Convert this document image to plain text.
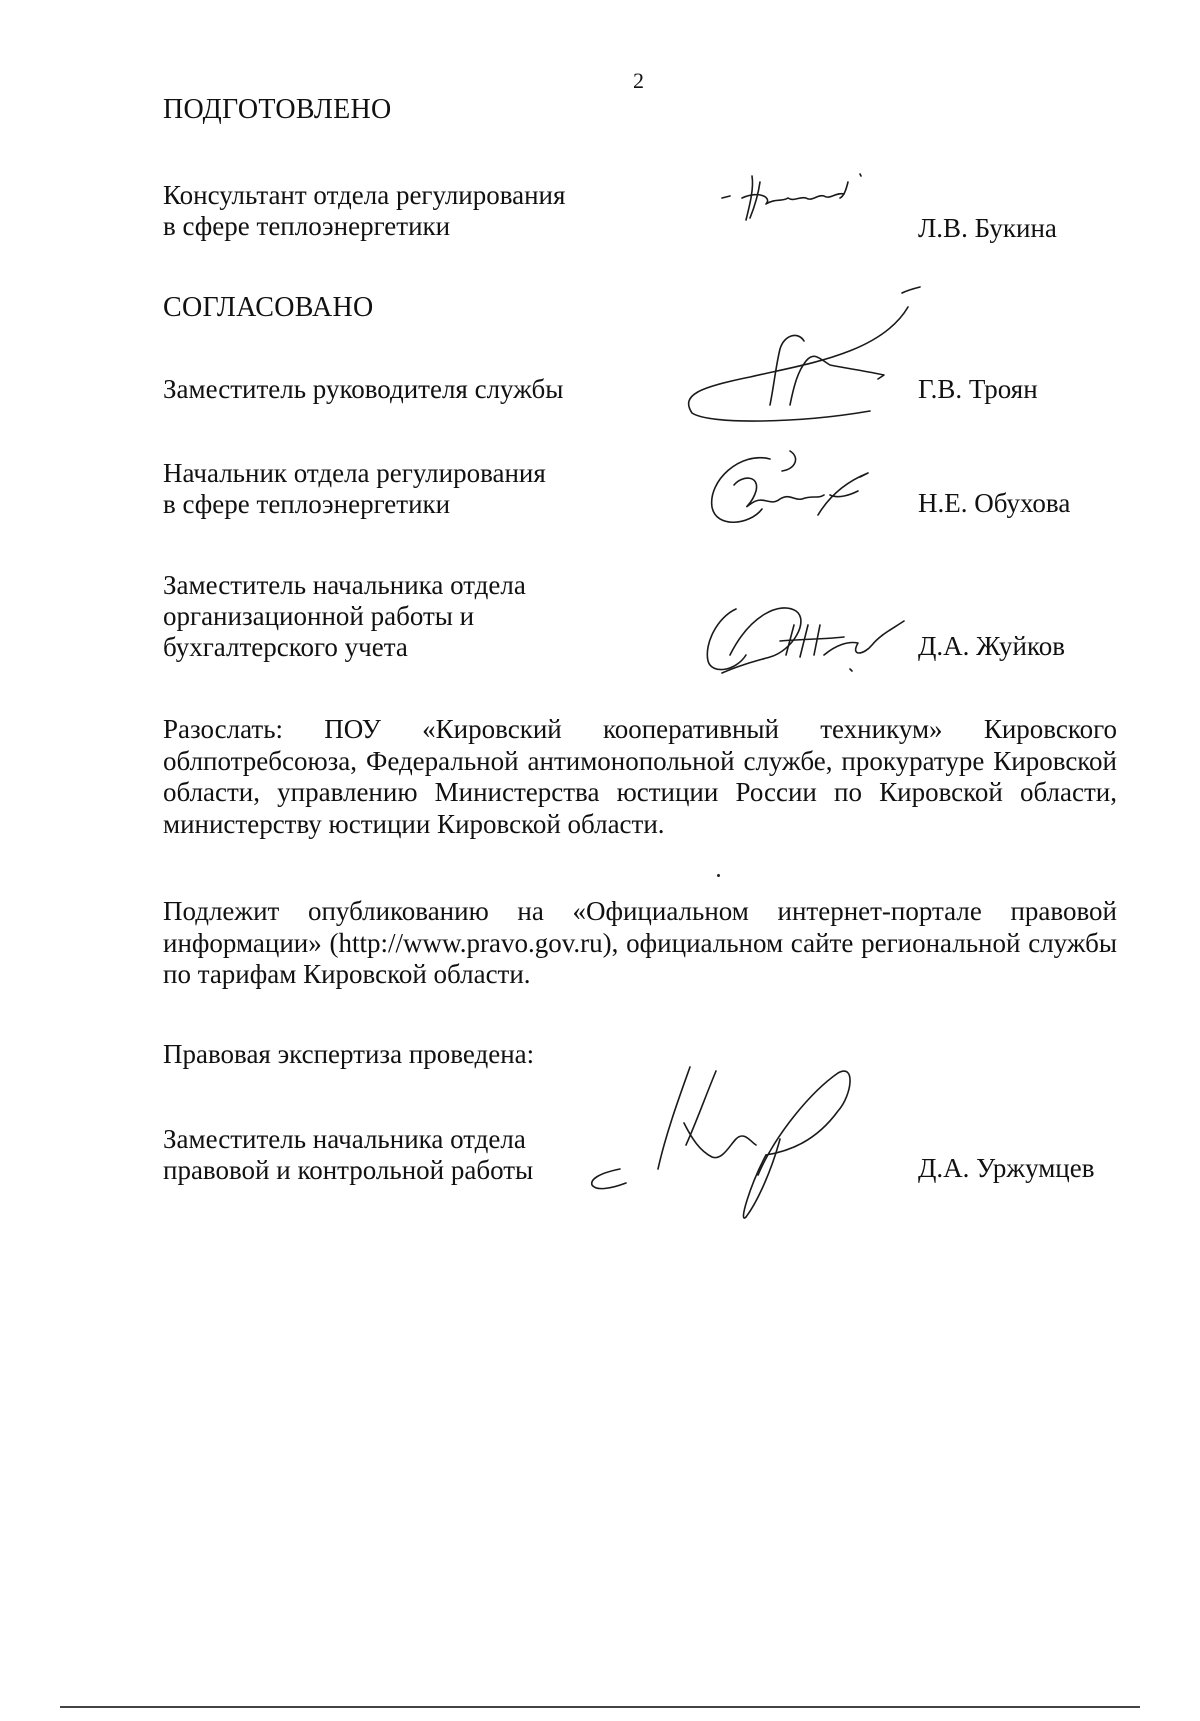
2
ПОДГОТОВЛЕНО
Консультант отдела регулирования
в сфере теплоэнергетики	Л.В. Букина
СОГЛАСОВАНО
Заместитель руководителя службы	Г.В. Троян
Начальник отдела регулирования
в сфере теплоэнергетики	Н.Е. Обухова
Заместитель начальника отдела
организационной работы и
бухгалтерского учета	Д.А. Жуйков
Разослать: ПОУ «Кировский кооперативный техникум» Кировского облпотребсоюза, Федеральной антимонопольной службе, прокуратуре Кировской области, управлению Министерства юстиции России по Кировской области, министерству юстиции Кировской области.
Подлежит опубликованию на «Официальном интернет-портале правовой информации» (http://www.pravo.gov.ru), официальном сайте региональной службы по тарифам Кировской области.
Правовая экспертиза проведена:
Заместитель начальника отдела
правовой и контрольной работы	Д.А. Уржумцев
